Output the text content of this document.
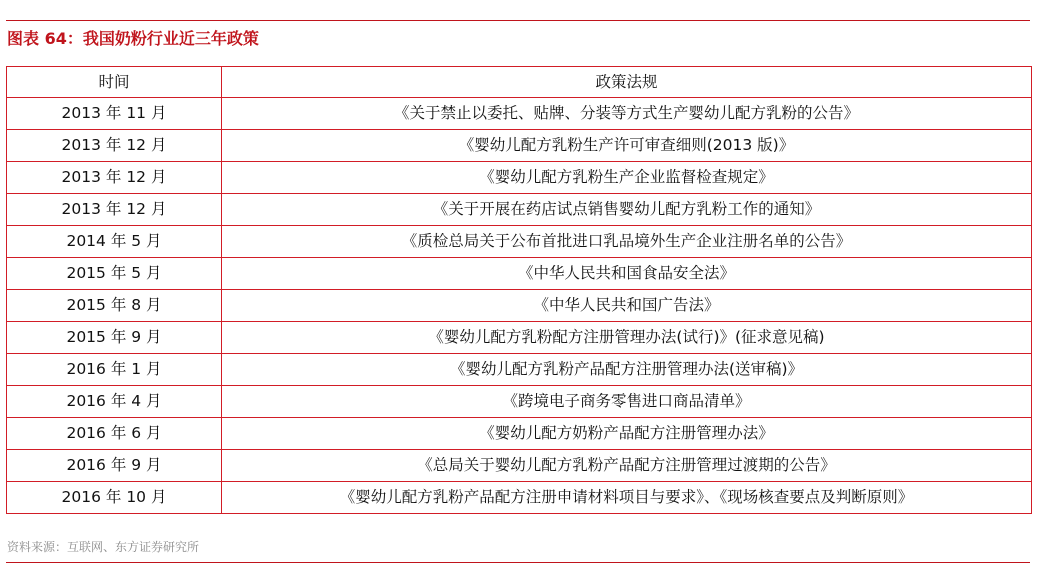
图表 64：我国奶粉行业近三年政策
时间	政策法规
2013 年 11 月	《关于禁止以委托、贴牌、分装等方式生产婴幼儿配方乳粉的公告》
2013 年 12 月	《婴幼儿配方乳粉生产许可审查细则(2013 版)》
2013 年 12 月	《婴幼儿配方乳粉生产企业监督检查规定》
2013 年 12 月	《关于开展在药店试点销售婴幼儿配方乳粉工作的通知》
2014 年 5 月	《质检总局关于公布首批进口乳品境外生产企业注册名单的公告》
2015 年 5 月	《中华人民共和国食品安全法》
2015 年 8 月	《中华人民共和国广告法》
2015 年 9 月	《婴幼儿配方乳粉配方注册管理办法(试行)》(征求意见稿)
2016 年 1 月	《婴幼儿配方乳粉产品配方注册管理办法(送审稿)》
2016 年 4 月	《跨境电子商务零售进口商品清单》
2016 年 6 月	《婴幼儿配方奶粉产品配方注册管理办法》
2016 年 9 月	《总局关于婴幼儿配方乳粉产品配方注册管理过渡期的公告》
2016 年 10 月	《婴幼儿配方乳粉产品配方注册申请材料项目与要求》、《现场核查要点及判断原则》
资料来源：互联网、东方证券研究所
